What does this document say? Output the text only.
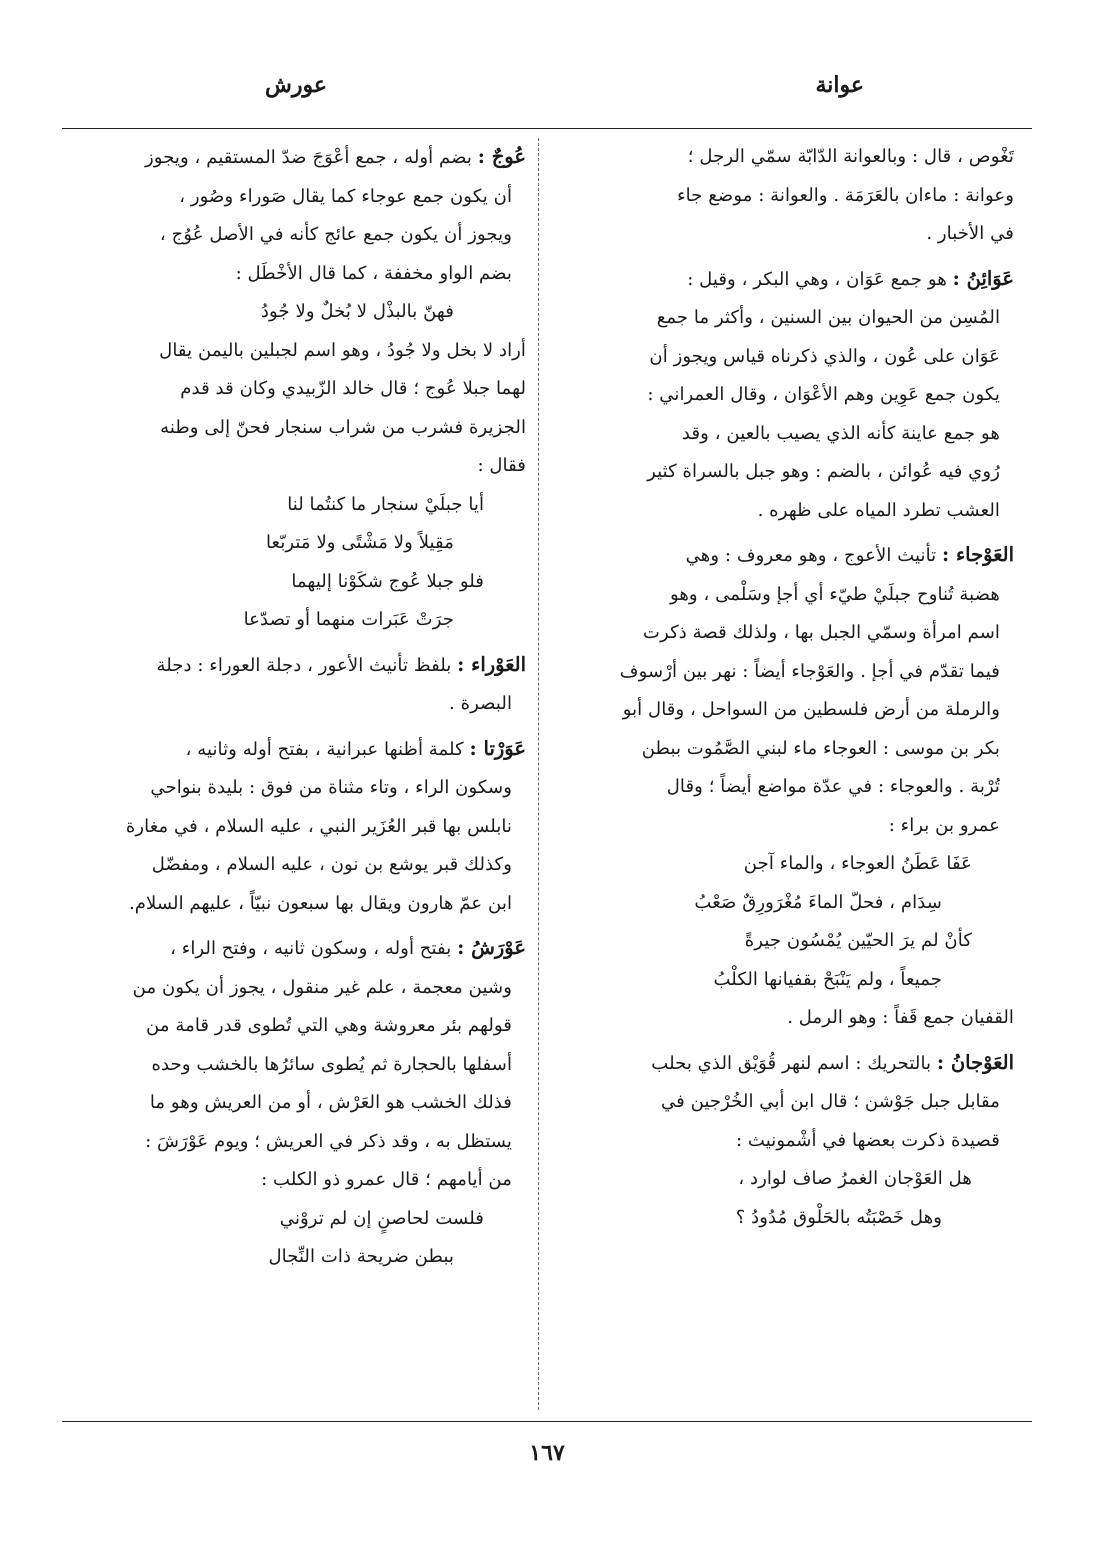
عوانة
عورش
تَغْوص ، قال : وبالعوانة الدّابّة سمّي الرجل ؛
وعوانة : ماءان بالعَرَمَة . والعوانة : موضع جاء
في الأخبار .
عَوَائِنُ : هو جمع عَوَان ، وهي البكر ، وقيل :
المُسِن من الحيوان بين السنين ، وأكثر ما جمع
عَوَان على عُون ، والذي ذكرناه قياس ويجوز أن
يكون جمع عَوِين وهم الأعْوَان ، وقال العمراني :
هو جمع عاينة كأنه الذي يصيب بالعين ، وقد
رُوي فيه عُوائن ، بالضم : وهو جبل بالسراة كثير
العشب تطرد المياه على ظهره .
العَوْجاء : تأنيث الأعوج ، وهو معروف : وهي
هضبة تُناوح جبلَيْ طيّء أي أجإ وسَلْمى ، وهو
اسم امرأة وسمّي الجبل بها ، ولذلك قصة ذكرت
فيما تقدّم في أجإ . والعَوْجاء أيضاً : نهر بين أرْسوف
والرملة من أرض فلسطين من السواحل ، وقال أبو
بكر بن موسى : العوجاء ماء لبني الصَّمُوت ببطن
تُرْبة . والعوجاء : في عدّة مواضع أيضاً ؛ وقال
عمرو بن براء :
عَفَا عَطَنُ العوجاء ، والماء آجن
سِدَام ، فحلّ الماءَ مُغْرَورِقٌ صَعْبُ
كأنْ لم يرَ الحيّين يُمْسُون جيرةً
جميعاً ، ولم يَنْبَحْ بقفيانها الكلْبُ
القفيان جمع قَفاً : وهو الرمل .
العَوْجانُ : بالتحريك : اسم لنهر قُوَيْق الذي بحلب
مقابل جبل جَوْشن ؛ قال ابن أبي الخُرْجين في
قصيدة ذكرت بعضها في أشْمونيث :
هل العَوْجان الغمرُ صاف لوارد ،
وهل خَصْبَتُه بالحَلْوق مُدُودُ ؟
عُوجٌ : بضم أوله ، جمع أعْوَجَ ضدّ المستقيم ، ويجوز
أن يكون جمع عوجاء كما يقال صَوراء وصُور ،
ويجوز أن يكون جمع عائج كأنه في الأصل عُوُج ،
بضم الواو مخففة ، كما قال الأخْطَل :
فهنّ بالبذْل لا بُخلٌ ولا جُودُ
أراد لا بخل ولا جُودُ ، وهو اسم لجبلين باليمن يقال
لهما جبلا عُوج ؛ قال خالد الزّبيدي وكان قد قدم
الجزيرة فشرب من شراب سنجار فحنّ إلى وطنه
فقال :
أيا جبلَيْ سنجار ما كنتُما لنا
مَقِيلاً ولا مَشْتًى ولا مَتربّعا
فلو جبلا عُوج شكَوْنا إليهما
جرَتْ عَبَرات منهما أو تصدّعا
العَوْراء : بلفظ تأنيث الأعور ، دجلة العوراء : دجلة
البصرة .
عَوَرْتا : كلمة أظنها عبرانية ، بفتح أوله وثانيه ،
وسكون الراء ، وتاء مثناة من فوق : بليدة بنواحي
نابلس بها قبر العُزَير النبي ، عليه السلام ، في مغارة
وكذلك قبر يوشع بن نون ، عليه السلام ، ومفضّل
ابن عمّ هارون ويقال بها سبعون نبيّاً ، عليهم السلام.
عَوْرَشُ : بفتح أوله ، وسكون ثانيه ، وفتح الراء ،
وشين معجمة ، علم غير منقول ، يجوز أن يكون من
قولهم بئر معروشة وهي التي تُطوى قدر قامة من
أسفلها بالحجارة ثم يُطوى سائرُها بالخشب وحده
فذلك الخشب هو العَرْش ، أو من العريش وهو ما
يستظل به ، وقد ذكر في العريش ؛ ويوم عَوْرَشَ :
من أيامهم ؛ قال عمرو ذو الكلب :
فلست لحاصنٍ إن لم تروْني
ببطن ضريحة ذات النِّجال
١٦٧
